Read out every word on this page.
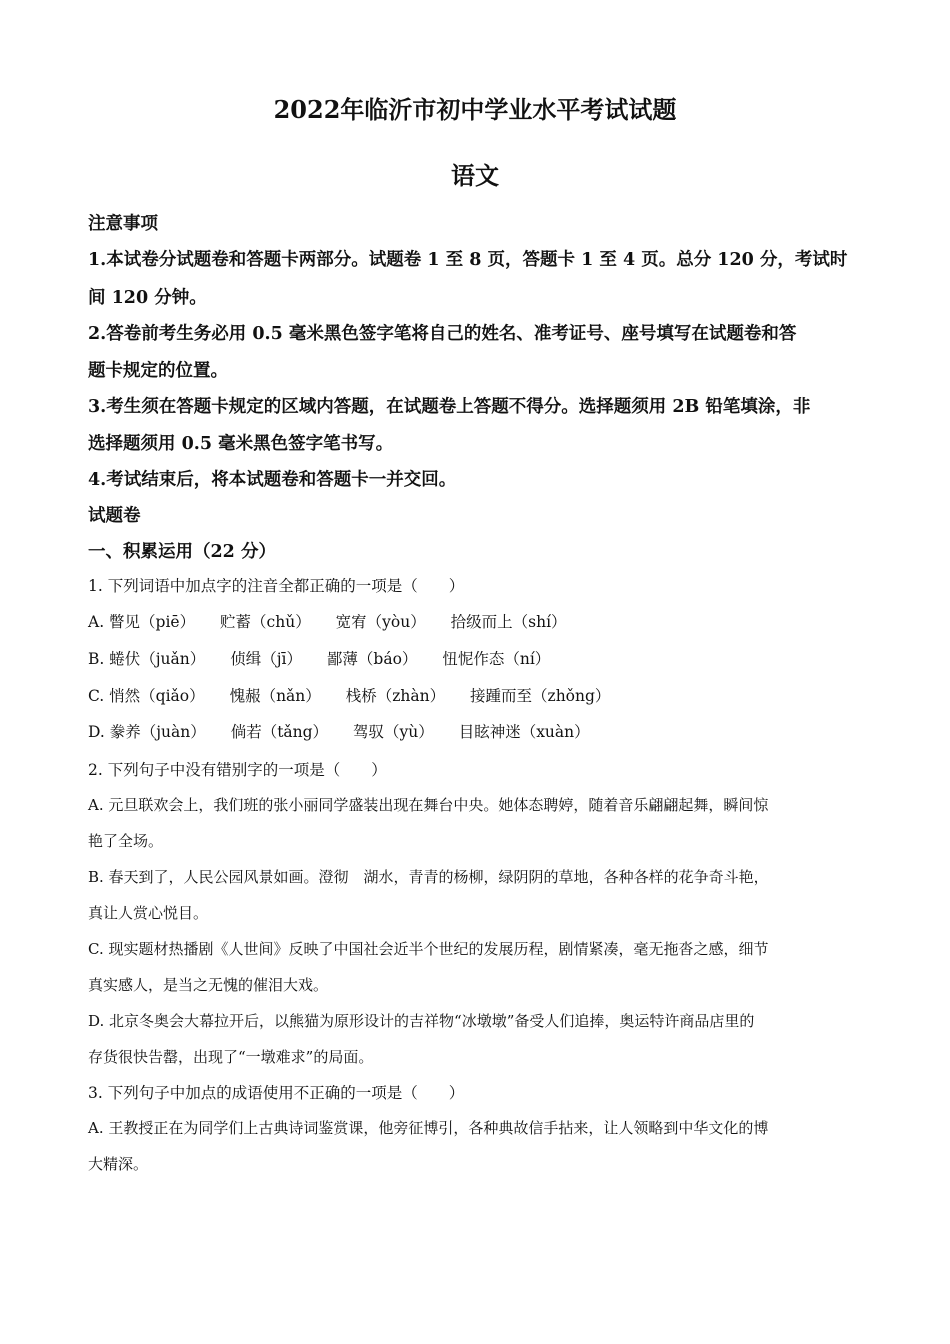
2022年临沂市初中学业水平考试试题
语文
注意事项
1.本试卷分试题卷和答题卡两部分。试题卷 1 至 8 页，答题卡 1 至 4 页。总分 120 分，考试时
间 120 分钟。
2.答卷前考生务必用 0.5 毫米黑色签字笔将自己的姓名、准考证号、座号填写在试题卷和答
题卡规定的位置。
3.考生须在答题卡规定的区域内答题，在试题卷上答题不得分。选择题须用 2B 铅笔填涂，非
选择题须用 0.5 毫米黑色签字笔书写。
4.考试结束后，将本试题卷和答题卡一并交回。
试题卷
一、积累运用（22 分）
1. 下列词语中加点字的注音全都正确的一项是（　　）
A. 瞥见（piē） 贮蓄（chǔ） 宽宥（yòu） 拾级而上（shí）
B. 蜷伏（juǎn） 侦缉（jī） 鄙薄（báo） 忸怩作态（ní）
C. 悄然（qiǎo） 愧赧（nǎn） 栈桥（zhàn） 接踵而至（zhǒng）
D. 豢养（juàn） 倘若（tǎng） 驾驭（yù） 目眩神迷（xuàn）
2. 下列句子中没有错别字的一项是（　　）
A. 元旦联欢会上，我们班的张小丽同学盛装出现在舞台中央。她体态聘婷，随着音乐翩翩起舞，瞬间惊
艳了全场。
B. 春天到了，人民公园风景如画。澄彻　湖水，青青的杨柳，绿阴阴的草地，各种各样的花争奇斗艳，
真让人赏心悦目。
C. 现实题材热播剧《人世间》反映了中国社会近半个世纪的发展历程，剧情紧凑，毫无拖沓之感，细节
真实感人，是当之无愧的催泪大戏。
D. 北京冬奥会大幕拉开后，以熊猫为原形设计的吉祥物“冰墩墩”备受人们追捧，奥运特许商品店里的
存货很快告罄，出现了“一墩难求”的局面。
3. 下列句子中加点的成语使用不正确的一项是（　　）
A. 王教授正在为同学们上古典诗词鉴赏课，他旁征博引，各种典故信手拈来，让人领略到中华文化的博
大精深。
